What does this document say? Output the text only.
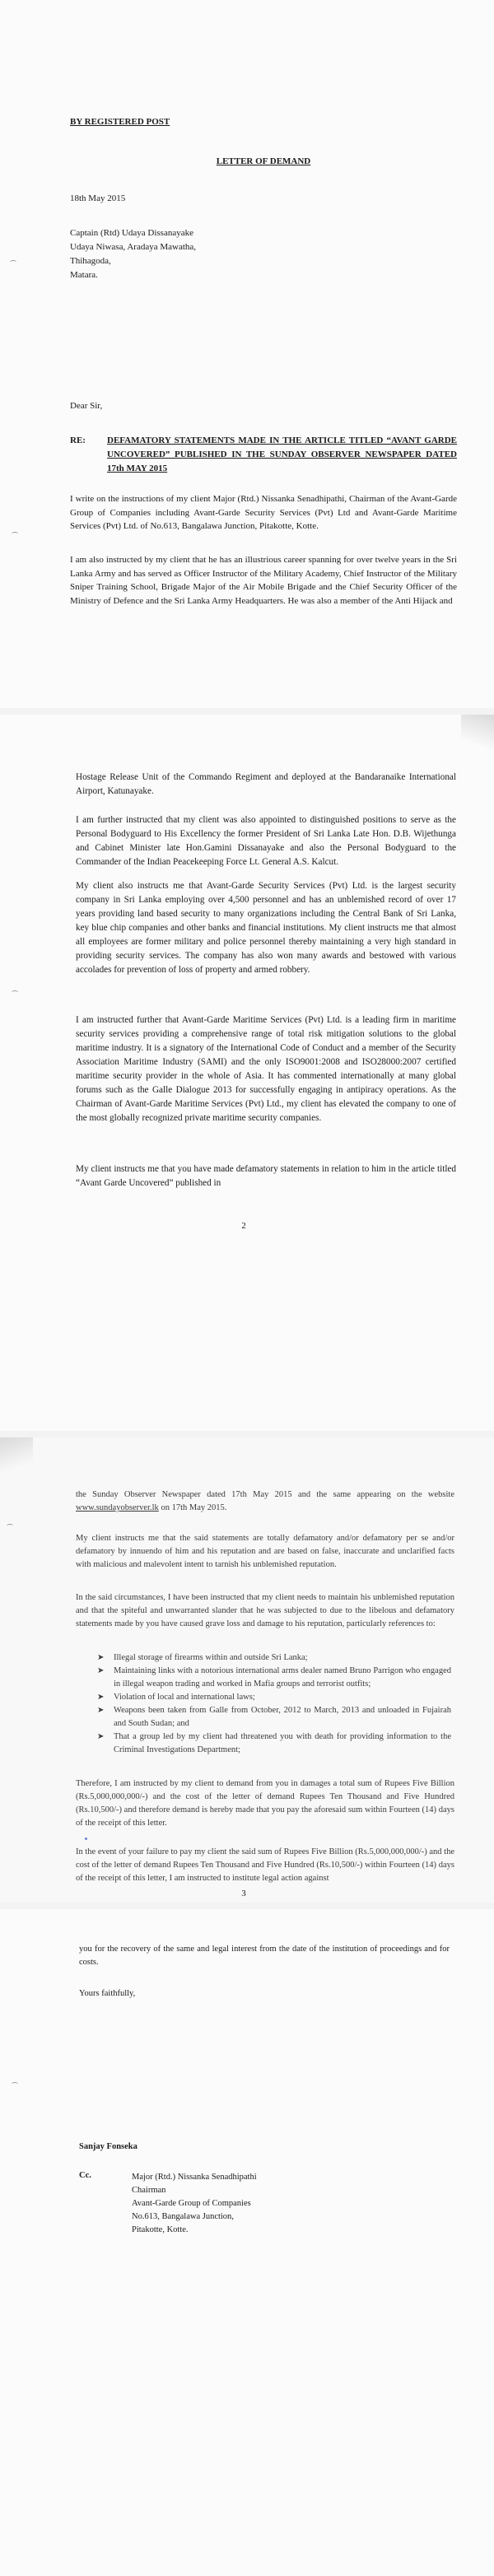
BY REGISTERED POST
LETTER OF DEMAND
18th May 2015
Captain (Rtd) Udaya Dissanayake
Udaya Niwasa, Aradaya Mawatha,
Thihagoda,
Matara.
Dear Sir,
RE: DEFAMATORY STATEMENTS MADE IN THE ARTICLE TITLED “AVANT GARDE UNCOVERED” PUBLISHED IN THE SUNDAY OBSERVER NEWSPAPER DATED 17th MAY 2015

I write on the instructions of my client Major (Rtd.) Nissanka Senadhipathi, Chairman of the Avant-Garde Group of Companies including Avant-Garde Security Services (Pvt) Ltd and Avant-Garde Maritime Services (Pvt) Ltd. of No.613, Bangalawa Junction, Pitakotte, Kotte.

I am also instructed by my client that he has an illustrious career spanning for over twelve years in the Sri Lanka Army and has served as Officer Instructor of the Military Academy, Chief Instructor of the Military Sniper Training School, Brigade Major of the Air Mobile Brigade and the Chief Security Officer of the Ministry of Defence and the Sri Lanka Army Headquarters. He was also a member of the Anti Hijack and

Hostage Release Unit of the Commando Regiment and deployed at the Bandaranaike International Airport, Katunayake.

I am further instructed that my client was also appointed to distinguished positions to serve as the Personal Bodyguard to His Excellency the former President of Sri Lanka Late Hon. D.B. Wijethunga and Cabinet Minister late Hon.Gamini Dissanayake and also the Personal Bodyguard to the Commander of the Indian Peacekeeping Force Lt. General A.S. Kalcut.

My client also instructs me that Avant-Garde Security Services (Pvt) Ltd. is the largest security company in Sri Lanka employing over 4,500 personnel and has an unblemished record of over 17 years providing land based security to many organizations including the Central Bank of Sri Lanka, key blue chip companies and other banks and financial institutions. My client instructs me that almost all employees are former military and police personnel thereby maintaining a very high standard in providing security services. The company has also won many awards and bestowed with various accolades for prevention of loss of property and armed robbery.

I am instructed further that Avant-Garde Maritime Services (Pvt) Ltd. is a leading firm in maritime security services providing a comprehensive range of total risk mitigation solutions to the global maritime industry. It is a signatory of the International Code of Conduct and a member of the Security Association Maritime Industry (SAMI) and the only ISO9001:2008 and ISO28000:2007 certified maritime security provider in the whole of Asia. It has commented internationally at many global forums such as the Galle Dialogue 2013 for successfully engaging in antipiracy operations. As the Chairman of Avant-Garde Maritime Services (Pvt) Ltd., my client has elevated the company to one of the most globally recognized private maritime security companies.

My client instructs me that you have made defamatory statements in relation to him in the article titled “Avant Garde Uncovered” published in

2

the Sunday Observer Newspaper dated 17th May 2015 and the same appearing on the website www.sundayobserver.lk on 17th May 2015.

My client instructs me that the said statements are totally defamatory and/or defamatory per se and/or defamatory by innuendo of him and his reputation and are based on false, inaccurate and unclarified facts with malicious and malevolent intent to tarnish his unblemished reputation.

In the said circumstances, I have been instructed that my client needs to maintain his unblemished reputation and that the spiteful and unwarranted slander that he was subjected to due to the libelous and defamatory statements made by you have caused grave loss and damage to his reputation, particularly references to:

➤ Illegal storage of firearms within and outside Sri Lanka;
➤ Maintaining links with a notorious international arms dealer named Bruno Parrigon who engaged in illegal weapon trading and worked in Mafia groups and terrorist outfits;
➤ Violation of local and international laws;
➤ Weapons been taken from Galle from October, 2012 to March, 2013 and unloaded in Fujairah and South Sudan; and
➤ That a group led by my client had threatened you with death for providing information to the Criminal Investigations Department;

Therefore, I am instructed by my client to demand from you in damages a total sum of Rupees Five Billion (Rs.5,000,000,000/-) and the cost of the letter of demand Rupees Ten Thousand and Five Hundred (Rs.10,500/-) and therefore demand is hereby made that you pay the aforesaid sum within Fourteen (14) days of the receipt of this letter.

In the event of your failure to pay my client the said sum of Rupees Five Billion (Rs.5,000,000,000/-) and the cost of the letter of demand Rupees Ten Thousand and Five Hundred (Rs.10,500/-) within Fourteen (14) days of the receipt of this letter, I am instructed to institute legal action against

3

you for the recovery of the same and legal interest from the date of the institution of proceedings and for costs.

Yours faithfully,
Sanjay Fonseka
Cc.	Major (Rtd.) Nissanka Senadhipathi
Chairman
Avant-Garde Group of Companies
No.613, Bangalawa Junction,
Pitakotte, Kotte.
